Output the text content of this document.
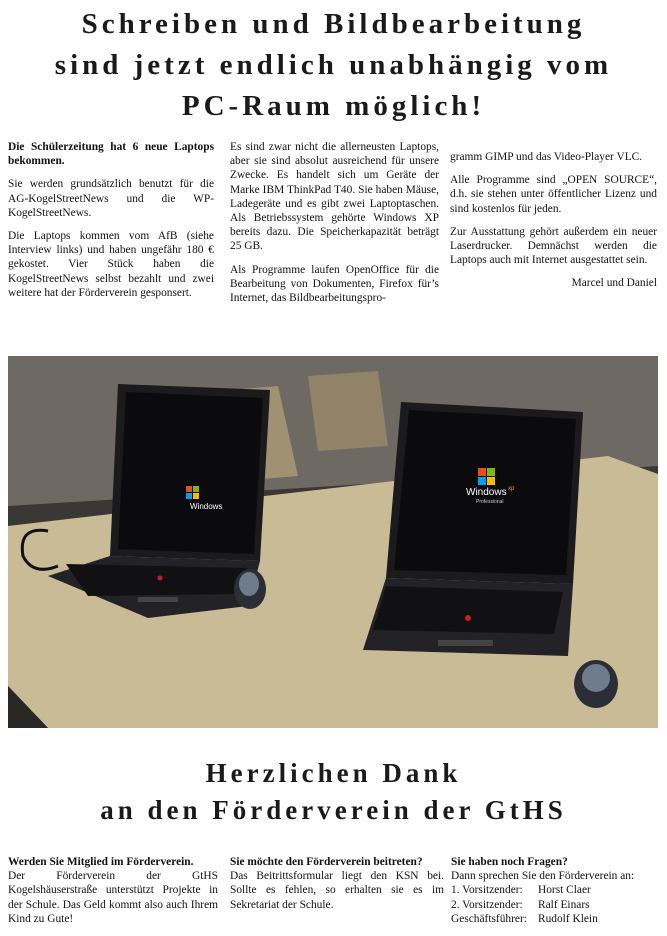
Schreiben und Bildbearbeitung
sind jetzt endlich unabhängig vom
PC-Raum möglich!

Die Schülerzeitung hat 6 neue Laptops bekommen.

Sie werden grundsätzlich benutzt für die AG-KogelStreetNews und die WP-KogelStreetNews.

Die Laptops kommen vom AfB (siehe Interview links) und haben ungefähr 180 € gekostet. Vier Stück haben die KogelStreetNews selbst bezahlt und zwei weitere hat der Förderverein gesponsert.

Es sind zwar nicht die allerneusten Laptops, aber sie sind absolut ausreichend für unsere Zwecke. Es handelt sich um Geräte der Marke IBM ThinkPad T40. Sie haben Mäuse, Ladegeräte und es gibt zwei Laptoptaschen. Als Betriebssystem gehörte Windows XP bereits dazu. Die Speicherkapazität beträgt 25 GB.

Als Programme laufen OpenOffice für die Bearbeitung von Dokumenten, Firefox für’s Internet, das Bildbearbeitungspro-

gramm GIMP und das Video-Player VLC.

Alle Programme sind „OPEN SOURCE“, d.h. sie stehen unter öffentlicher Lizenz und sind kostenlos für jeden.

Zur Ausstattung gehört außerdem ein neuer Laserdrucker. Demnächst werden die Laptops auch mit Internet ausgestattet sein.

Marcel und Daniel

Windows
Windows xp
Professional
Herzlichen Dank
an den Förderverein der GtHS

Werden Sie Mitglied im Förderverein.

Der Förderverein der GtHS Kogelshäuserstraße unterstützt Projekte in der Schule. Das Geld kommt also auch Ihrem Kind zu Gute!

Sie möchte den Förderverein beitreten?

Das Beitrittsformular liegt den KSN bei. Sollte es fehlen, so erhalten sie es im Sekretariat der Schule.

Sie haben noch Fragen?

Dann sprechen Sie den Förderverein an:

1. Vorsitzender:	Horst Claer
2. Vorsitzender:	Ralf Einars
Geschäftsführer: Rudolf Klein
